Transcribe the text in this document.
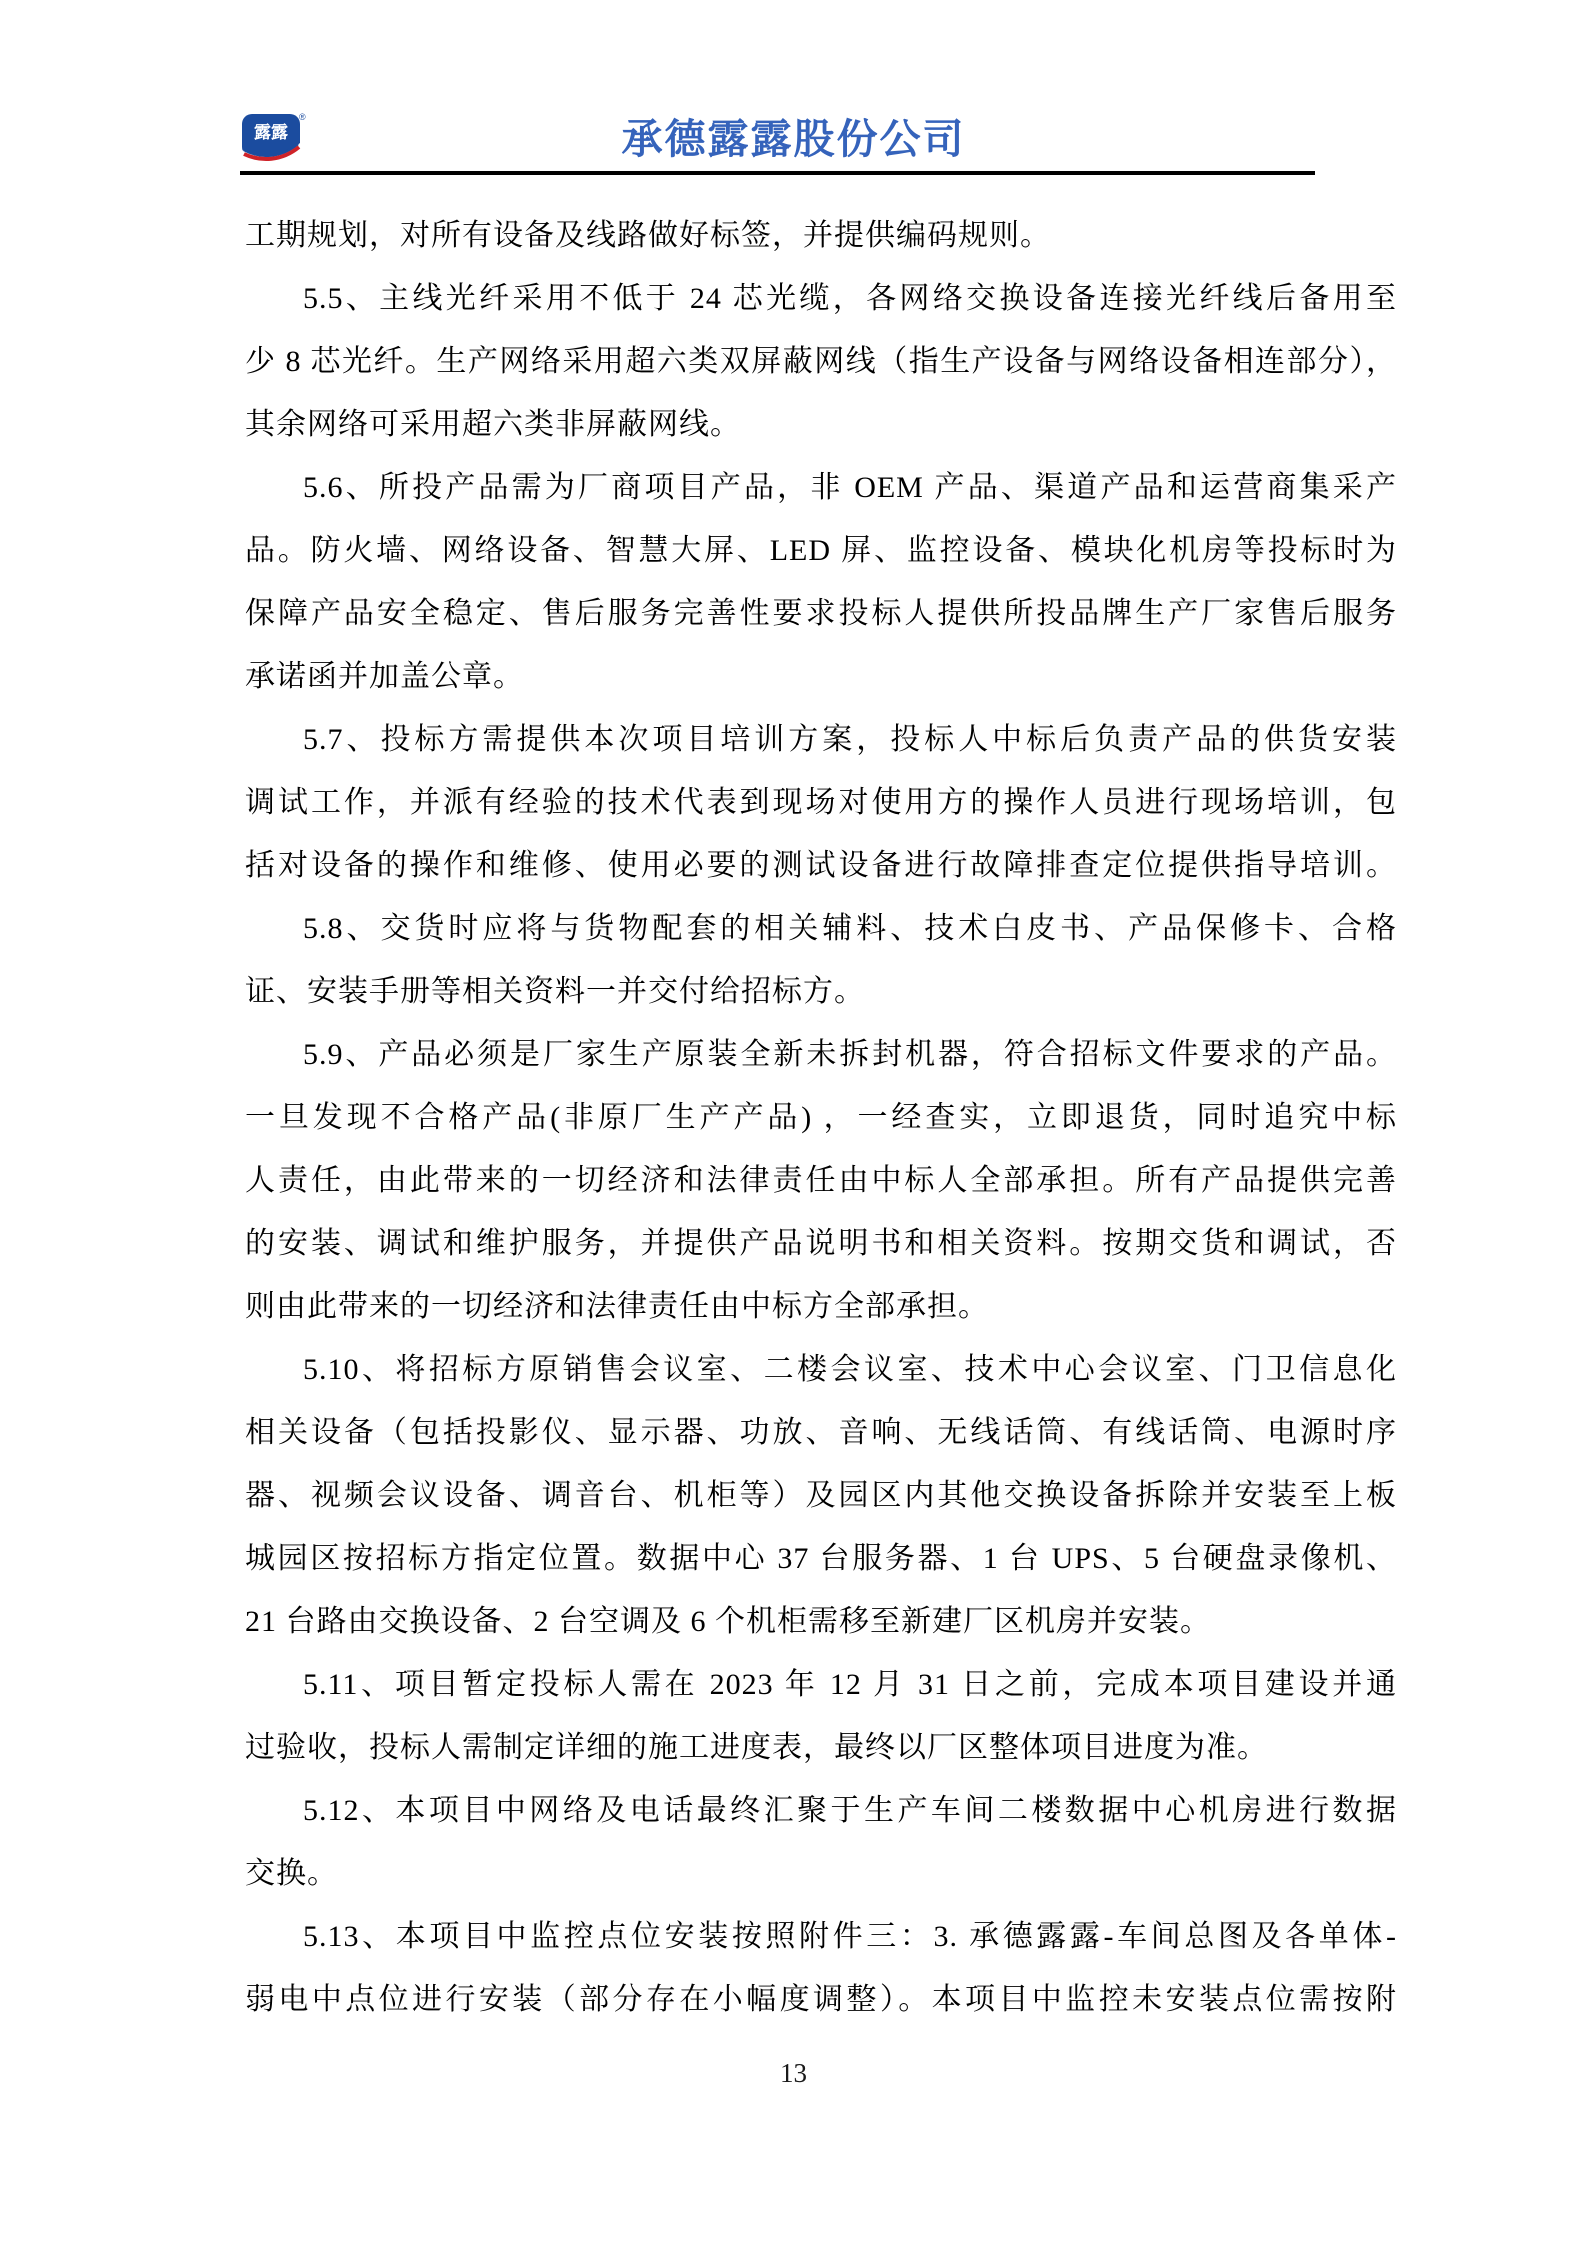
露露
®	承德露露股份公司
工期规划，对所有设备及线路做好标签，并提供编码规则。
5.5、主线光纤采用不低于 24 芯光缆，各网络交换设备连接光纤线后备用至
少 8 芯光纤。生产网络采用超六类双屏蔽网线（指生产设备与网络设备相连部分），
其余网络可采用超六类非屏蔽网线。
5.6、所投产品需为厂商项目产品，非 OEM 产品、渠道产品和运营商集采产
品。防火墙、网络设备、智慧大屏、LED 屏、监控设备、模块化机房等投标时为
保障产品安全稳定、售后服务完善性要求投标人提供所投品牌生产厂家售后服务
承诺函并加盖公章。
5.7、投标方需提供本次项目培训方案，投标人中标后负责产品的供货安装
调试工作，并派有经验的技术代表到现场对使用方的操作人员进行现场培训，包
括对设备的操作和维修、使用必要的测试设备进行故障排查定位提供指导培训。
5.8、交货时应将与货物配套的相关辅料、技术白皮书、产品保修卡、合格
证、安装手册等相关资料一并交付给招标方。
5.9、产品必须是厂家生产原装全新未拆封机器，符合招标文件要求的产品。
一旦发现不合格产品(非原厂生产产品) ，一经查实，立即退货，同时追究中标
人责任，由此带来的一切经济和法律责任由中标人全部承担。所有产品提供完善
的安装、调试和维护服务，并提供产品说明书和相关资料。按期交货和调试，否
则由此带来的一切经济和法律责任由中标方全部承担。
5.10、将招标方原销售会议室、二楼会议室、技术中心会议室、门卫信息化
相关设备（包括投影仪、显示器、功放、音响、无线话筒、有线话筒、电源时序
器、视频会议设备、调音台、机柜等）及园区内其他交换设备拆除并安装至上板
城园区按招标方指定位置。数据中心 37 台服务器、1 台 UPS、5 台硬盘录像机、
21 台路由交换设备、2 台空调及 6 个机柜需移至新建厂区机房并安装。
5.11、项目暂定投标人需在 2023 年 12 月 31 日之前，完成本项目建设并通
过验收，投标人需制定详细的施工进度表，最终以厂区整体项目进度为准。
5.12、本项目中网络及电话最终汇聚于生产车间二楼数据中心机房进行数据
交换。
5.13、本项目中监控点位安装按照附件三：3. 承德露露-车间总图及各单体-
弱电中点位进行安装（部分存在小幅度调整）。本项目中监控未安装点位需按附
13
